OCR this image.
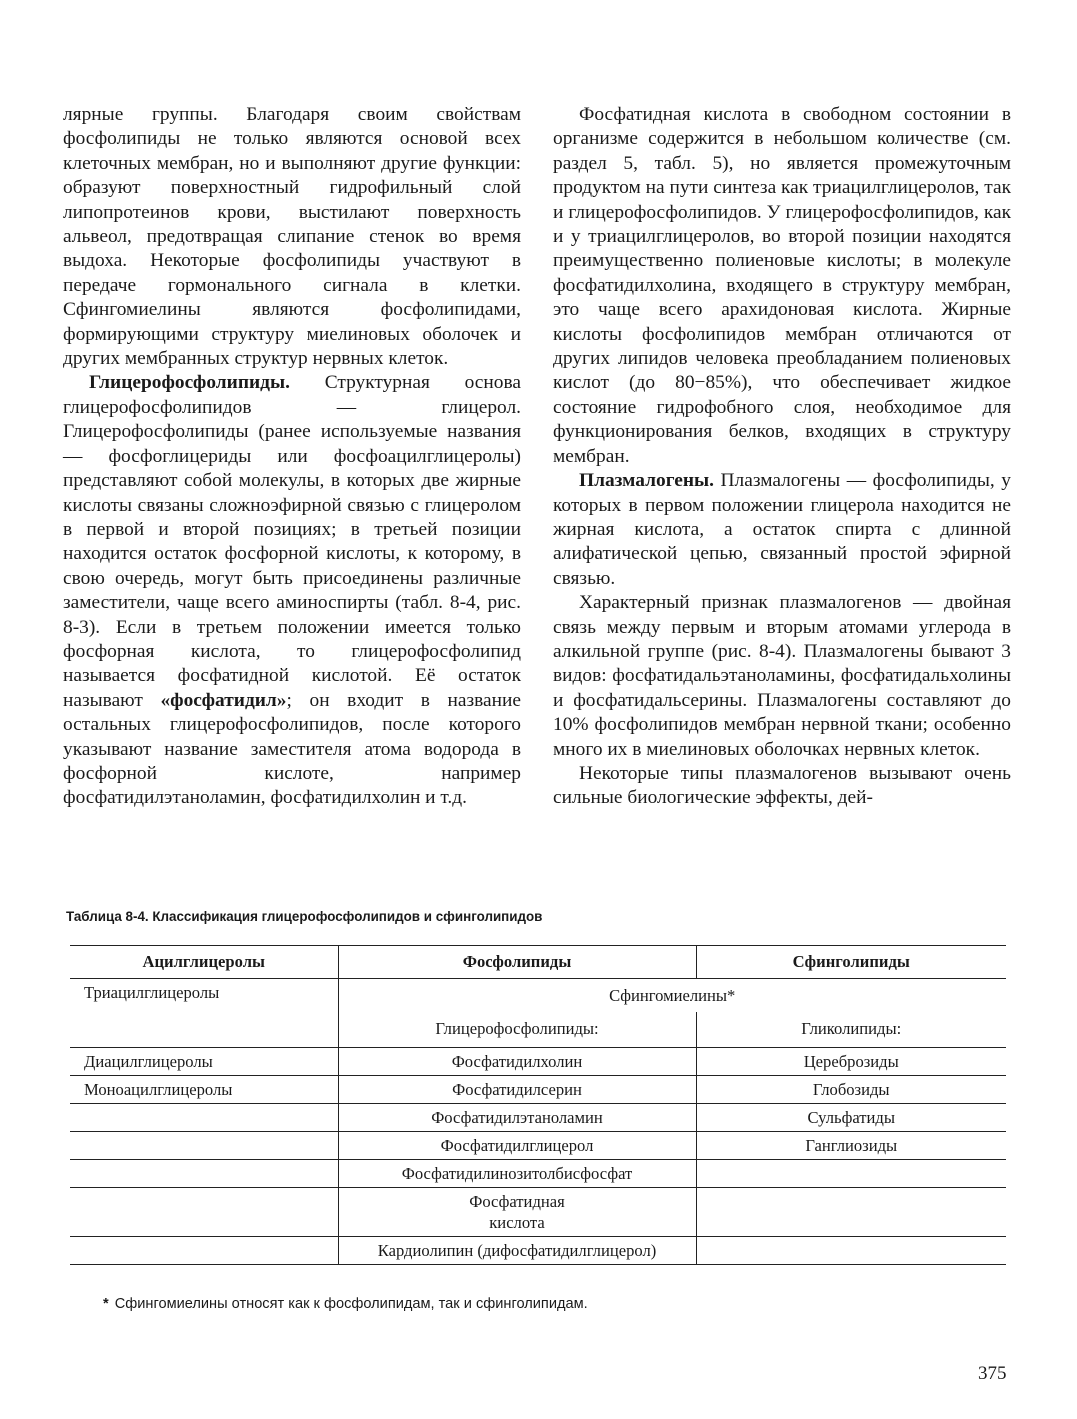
лярные группы. Благодаря своим свойствам фосфолипиды не только являются основой всех клеточных мембран, но и выполняют другие функции: образуют поверхностный гидрофильный слой липопротеинов крови, выстилают поверхность альвеол, предотвращая слипание стенок во время выдоха. Некоторые фосфолипиды участвуют в передаче гормонального сигнала в клетки. Сфингомиелины являются фосфолипидами, формирующими структуру миелиновых оболочек и других мембранных структур нервных клеток.

Глицерофосфолипиды. Структурная основа глицерофосфолипидов — глицерол. Глицерофосфолипиды (ранее используемые названия — фосфоглицериды или фосфоацилглицеролы) представляют собой молекулы, в которых две жирные кислоты связаны сложноэфирной связью с глицеролом в первой и второй позициях; в третьей позиции находится остаток фосфорной кислоты, к которому, в свою очередь, могут быть присоединены различные заместители, чаще всего аминоспирты (табл. 8-4, рис. 8-3). Если в третьем положении имеется только фосфорная кислота, то глицерофосфолипид называется фосфатидной кислотой. Её остаток называют «фосфатидил»; он входит в название остальных глицерофосфолипидов, после которого указывают название заместителя атома водорода в фосфорной кислоте, например фосфатидилэтаноламин, фосфатидилхолин и т.д.

Фосфатидная кислота в свободном состоянии в организме содержится в небольшом количестве (см. раздел 5, табл. 5), но является промежуточным продуктом на пути синтеза как триацилглицеролов, так и глицерофосфолипидов. У глицерофосфолипидов, как и у триацилглицеролов, во второй позиции находятся преимущественно полиеновые кислоты; в молекуле фосфатидилхолина, входящего в структуру мембран, это чаще всего арахидоновая кислота. Жирные кислоты фосфолипидов мембран отличаются от других липидов человека преобладанием полиеновых кислот (до 80−85%), что обеспечивает жидкое состояние гидрофобного слоя, необходимое для функционирования белков, входящих в структуру мембран.

Плазмалогены. Плазмалогены — фосфолипиды, у которых в первом положении глицерола находится не жирная кислота, а остаток спирта с длинной алифатической цепью, связанный простой эфирной связью.

Характерный признак плазмалогенов — двойная связь между первым и вторым атомами углерода в алкильной группе (рис. 8-4). Плазмалогены бывают 3 видов: фосфатидальэтаноламины, фосфатидальхолины и фосфатидальсерины. Плазмалогены составляют до 10% фосфолипидов мембран нервной ткани; особенно много их в миелиновых оболочках нервных клеток.

Некоторые типы плазмалогенов вызывают очень сильные биологические эффекты, дей-

Таблица 8-4. Классификация глицерофосфолипидов и сфинголипидов
Ацилглицеролы	Фосфолипиды	Сфинголипиды
Триацилглицеролы	Сфингомиелины*	
	Глицерофосфолипиды:	Гликолипиды:
Диацилглицеролы	Фосфатидилхолин	Цереброзиды
Моноацилглицеролы	Фосфатидилсерин	Глобозиды
	Фосфатидилэтаноламин	Сульфатиды
	Фосфатидилглицерол	Ганглиозиды
	Фосфатидилинозитолбисфосфат	
	Фосфатидная
кислота	
	Кардиолипин (дифосфатидилглицерол)	
* Сфингомиелины относят как к фосфолипидам, так и сфинголипидам.
375
